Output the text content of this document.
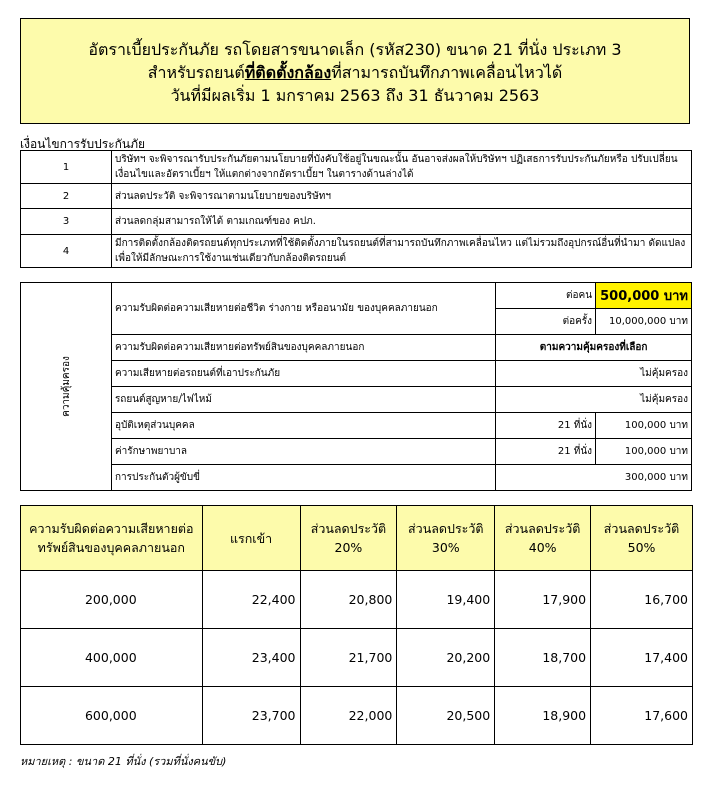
อัตราเบี้ยประกันภัย รถโดยสารขนาดเล็ก (รหัส230) ขนาด 21 ที่นั่ง ประเภท 3
สำหรับรถยนต์ที่ติดตั้งกล้องที่สามารถบันทึกภาพเคลื่อนไหวได้
วันที่มีผลเริ่ม 1 มกราคม 2563 ถึง 31 ธันวาคม 2563
เงื่อนไขการรับประกันภัย
1	บริษัทฯ จะพิจารณารับประกันภัยตามนโยบายที่บังคับใช้อยู่ในขณะนั้น อันอาจส่งผลให้บริษัทฯ ปฏิเสธการรับประกันภัยหรือ ปรับเปลี่ยนเงื่อนไขและอัตราเบี้ยฯ ให้แตกต่างจากอัตราเบี้ยฯ ในตารางด้านล่างได้
2	ส่วนลดประวัติ จะพิจารณาตามนโยบายของบริษัทฯ
3	ส่วนลดกลุ่มสามารถให้ได้ ตามเกณฑ์ของ คปภ.
4	มีการติดตั้งกล้องติดรถยนต์ทุกประเภทที่ใช้ติดตั้งภายในรถยนต์ที่สามารถบันทึกภาพเคลื่อนไหว แต่ไม่รวมถึงอุปกรณ์อื่นที่นำมา ดัดแปลงเพื่อให้มีลักษณะการใช้งานเช่นเดียวกับกล้องติดรถยนต์
ความคุ้มครอง	ความรับผิดต่อความเสียหายต่อชีวิต ร่างกาย หรืออนามัย ของบุคคลภายนอก	ต่อคน	500,000 บาท
		ต่อครั้ง	10,000,000 บาท
	ความรับผิดต่อความเสียหายต่อทรัพย์สินของบุคคลภายนอก	ตามความคุ้มครองที่เลือก	
	ความเสียหายต่อรถยนต์ที่เอาประกันภัย	ไม่คุ้มครอง	
	รถยนต์สูญหาย/ไฟไหม้	ไม่คุ้มครอง	
	อุบัติเหตุส่วนบุคคล	21 ที่นั่ง	100,000 บาท
	ค่ารักษาพยาบาล	21 ที่นั่ง	100,000 บาท
	การประกันตัวผู้ขับขี่	300,000 บาท	
ความรับผิดต่อความเสียหายต่อ ทรัพย์สินของบุคคลภายนอก	แรกเข้า	ส่วนลดประวัติ 20%	ส่วนลดประวัติ 30%	ส่วนลดประวัติ 40%	ส่วนลดประวัติ 50%
200,000	22,400	20,800	19,400	17,900	16,700
400,000	23,400	21,700	20,200	18,700	17,400
600,000	23,700	22,000	20,500	18,900	17,600
หมายเหตุ : ขนาด 21 ที่นั่ง (รวมที่นั่งคนขับ)
